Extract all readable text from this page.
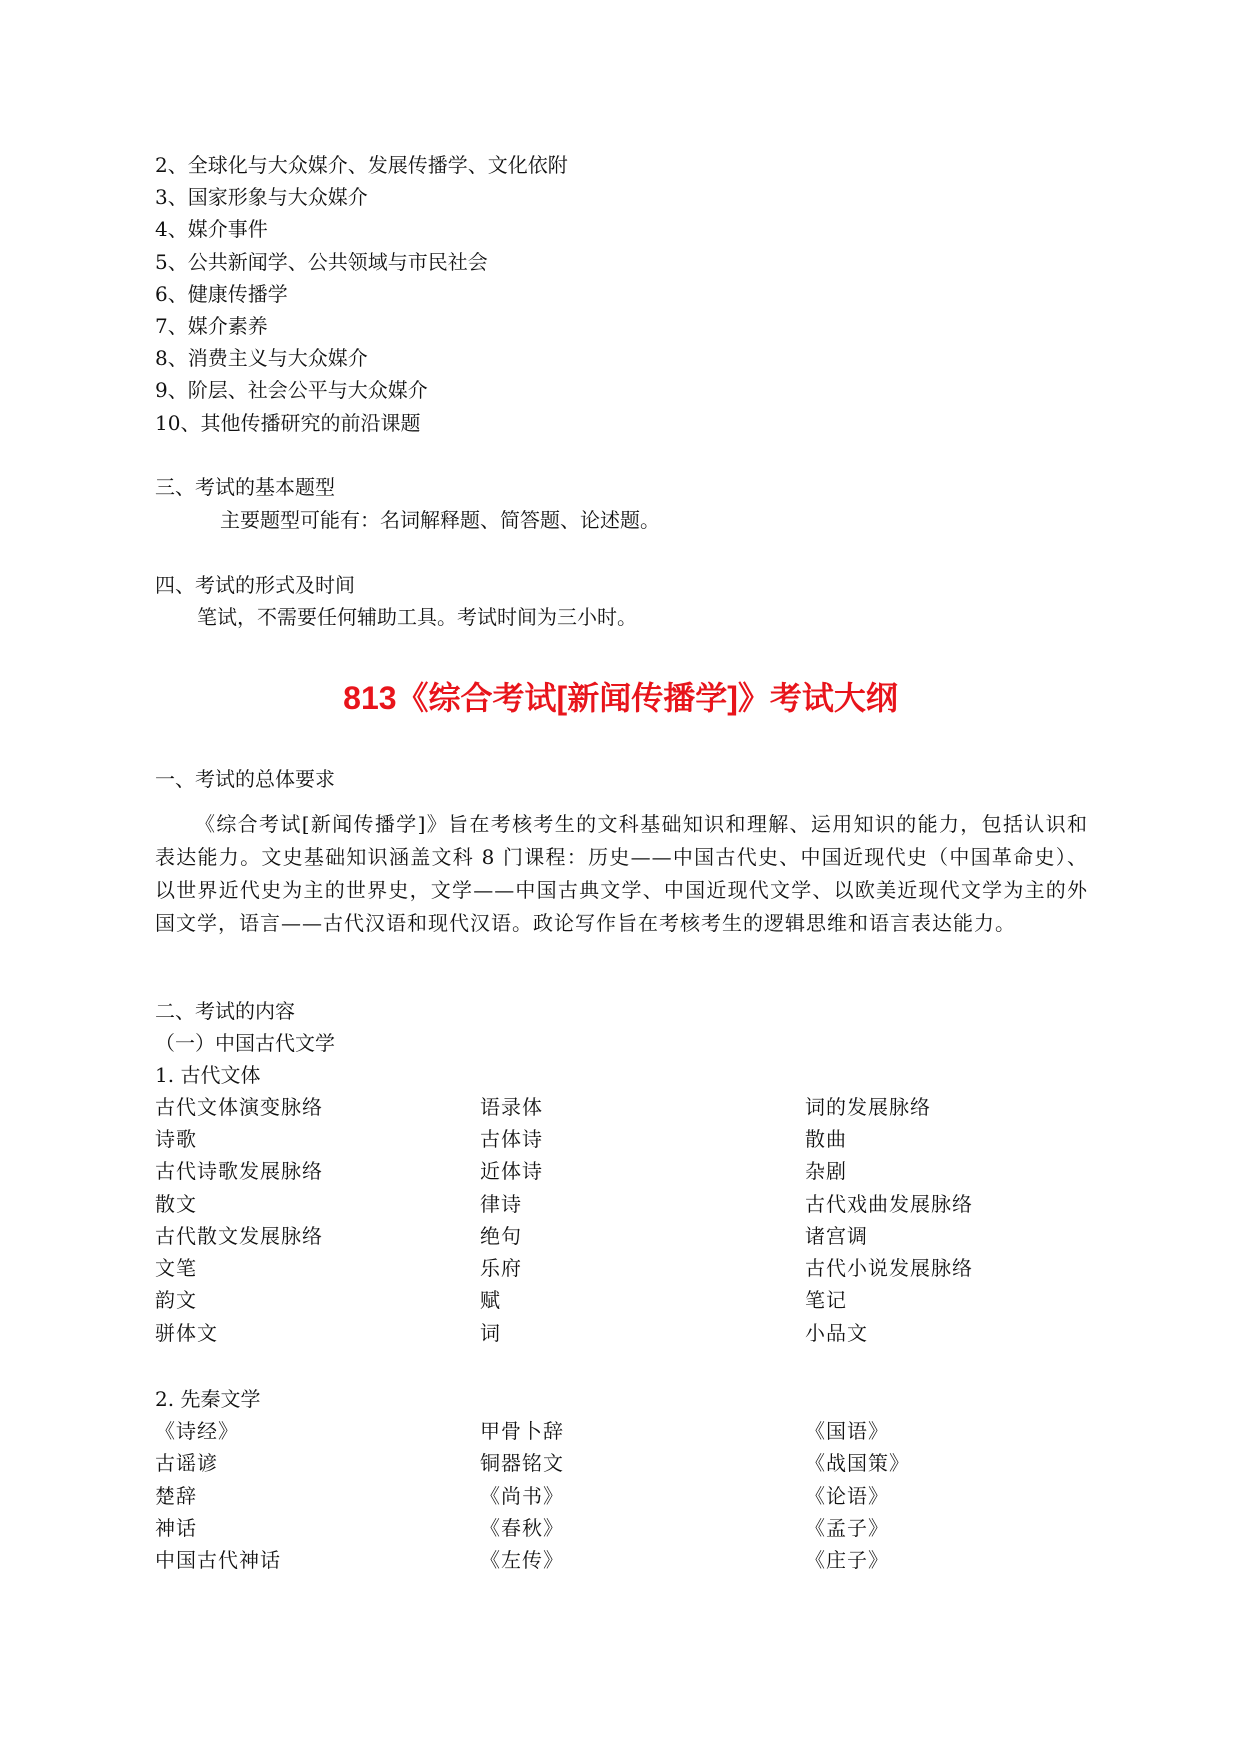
2、全球化与大众媒介、发展传播学、文化依附
3、国家形象与大众媒介
4、媒介事件
5、公共新闻学、公共领域与市民社会
6、健康传播学
7、媒介素养
8、消费主义与大众媒介
9、阶层、社会公平与大众媒介
10、其他传播研究的前沿课题
三、考试的基本题型
主要题型可能有：名词解释题、简答题、论述题。
四、考试的形式及时间
笔试，不需要任何辅助工具。考试时间为三小时。
813《综合考试[新闻传播学]》考试大纲
一、考试的总体要求
《综合考试[新闻传播学]》旨在考核考生的文科基础知识和理解、运用知识的能力，包括认识和表达能力。文史基础知识涵盖文科 8 门课程：历史——中国古代史、中国近现代史（中国革命史）、以世界近代史为主的世界史，文学——中国古典文学、中国近现代文学、以欧美近现代文学为主的外国文学，语言——古代汉语和现代汉语。政论写作旨在考核考生的逻辑思维和语言表达能力。
二、考试的内容
（一）中国古代文学
1. 古代文体
古代文体演变脉络	语录体	词的发展脉络
诗歌	古体诗	散曲
古代诗歌发展脉络	近体诗	杂剧
散文	律诗	古代戏曲发展脉络
古代散文发展脉络	绝句	诸宫调
文笔	乐府	古代小说发展脉络
韵文	赋	笔记
骈体文	词	小品文
2. 先秦文学
《诗经》	甲骨卜辞	《国语》
古谣谚	铜器铭文	《战国策》
楚辞	《尚书》	《论语》
神话	《春秋》	《孟子》
中国古代神话	《左传》	《庄子》
